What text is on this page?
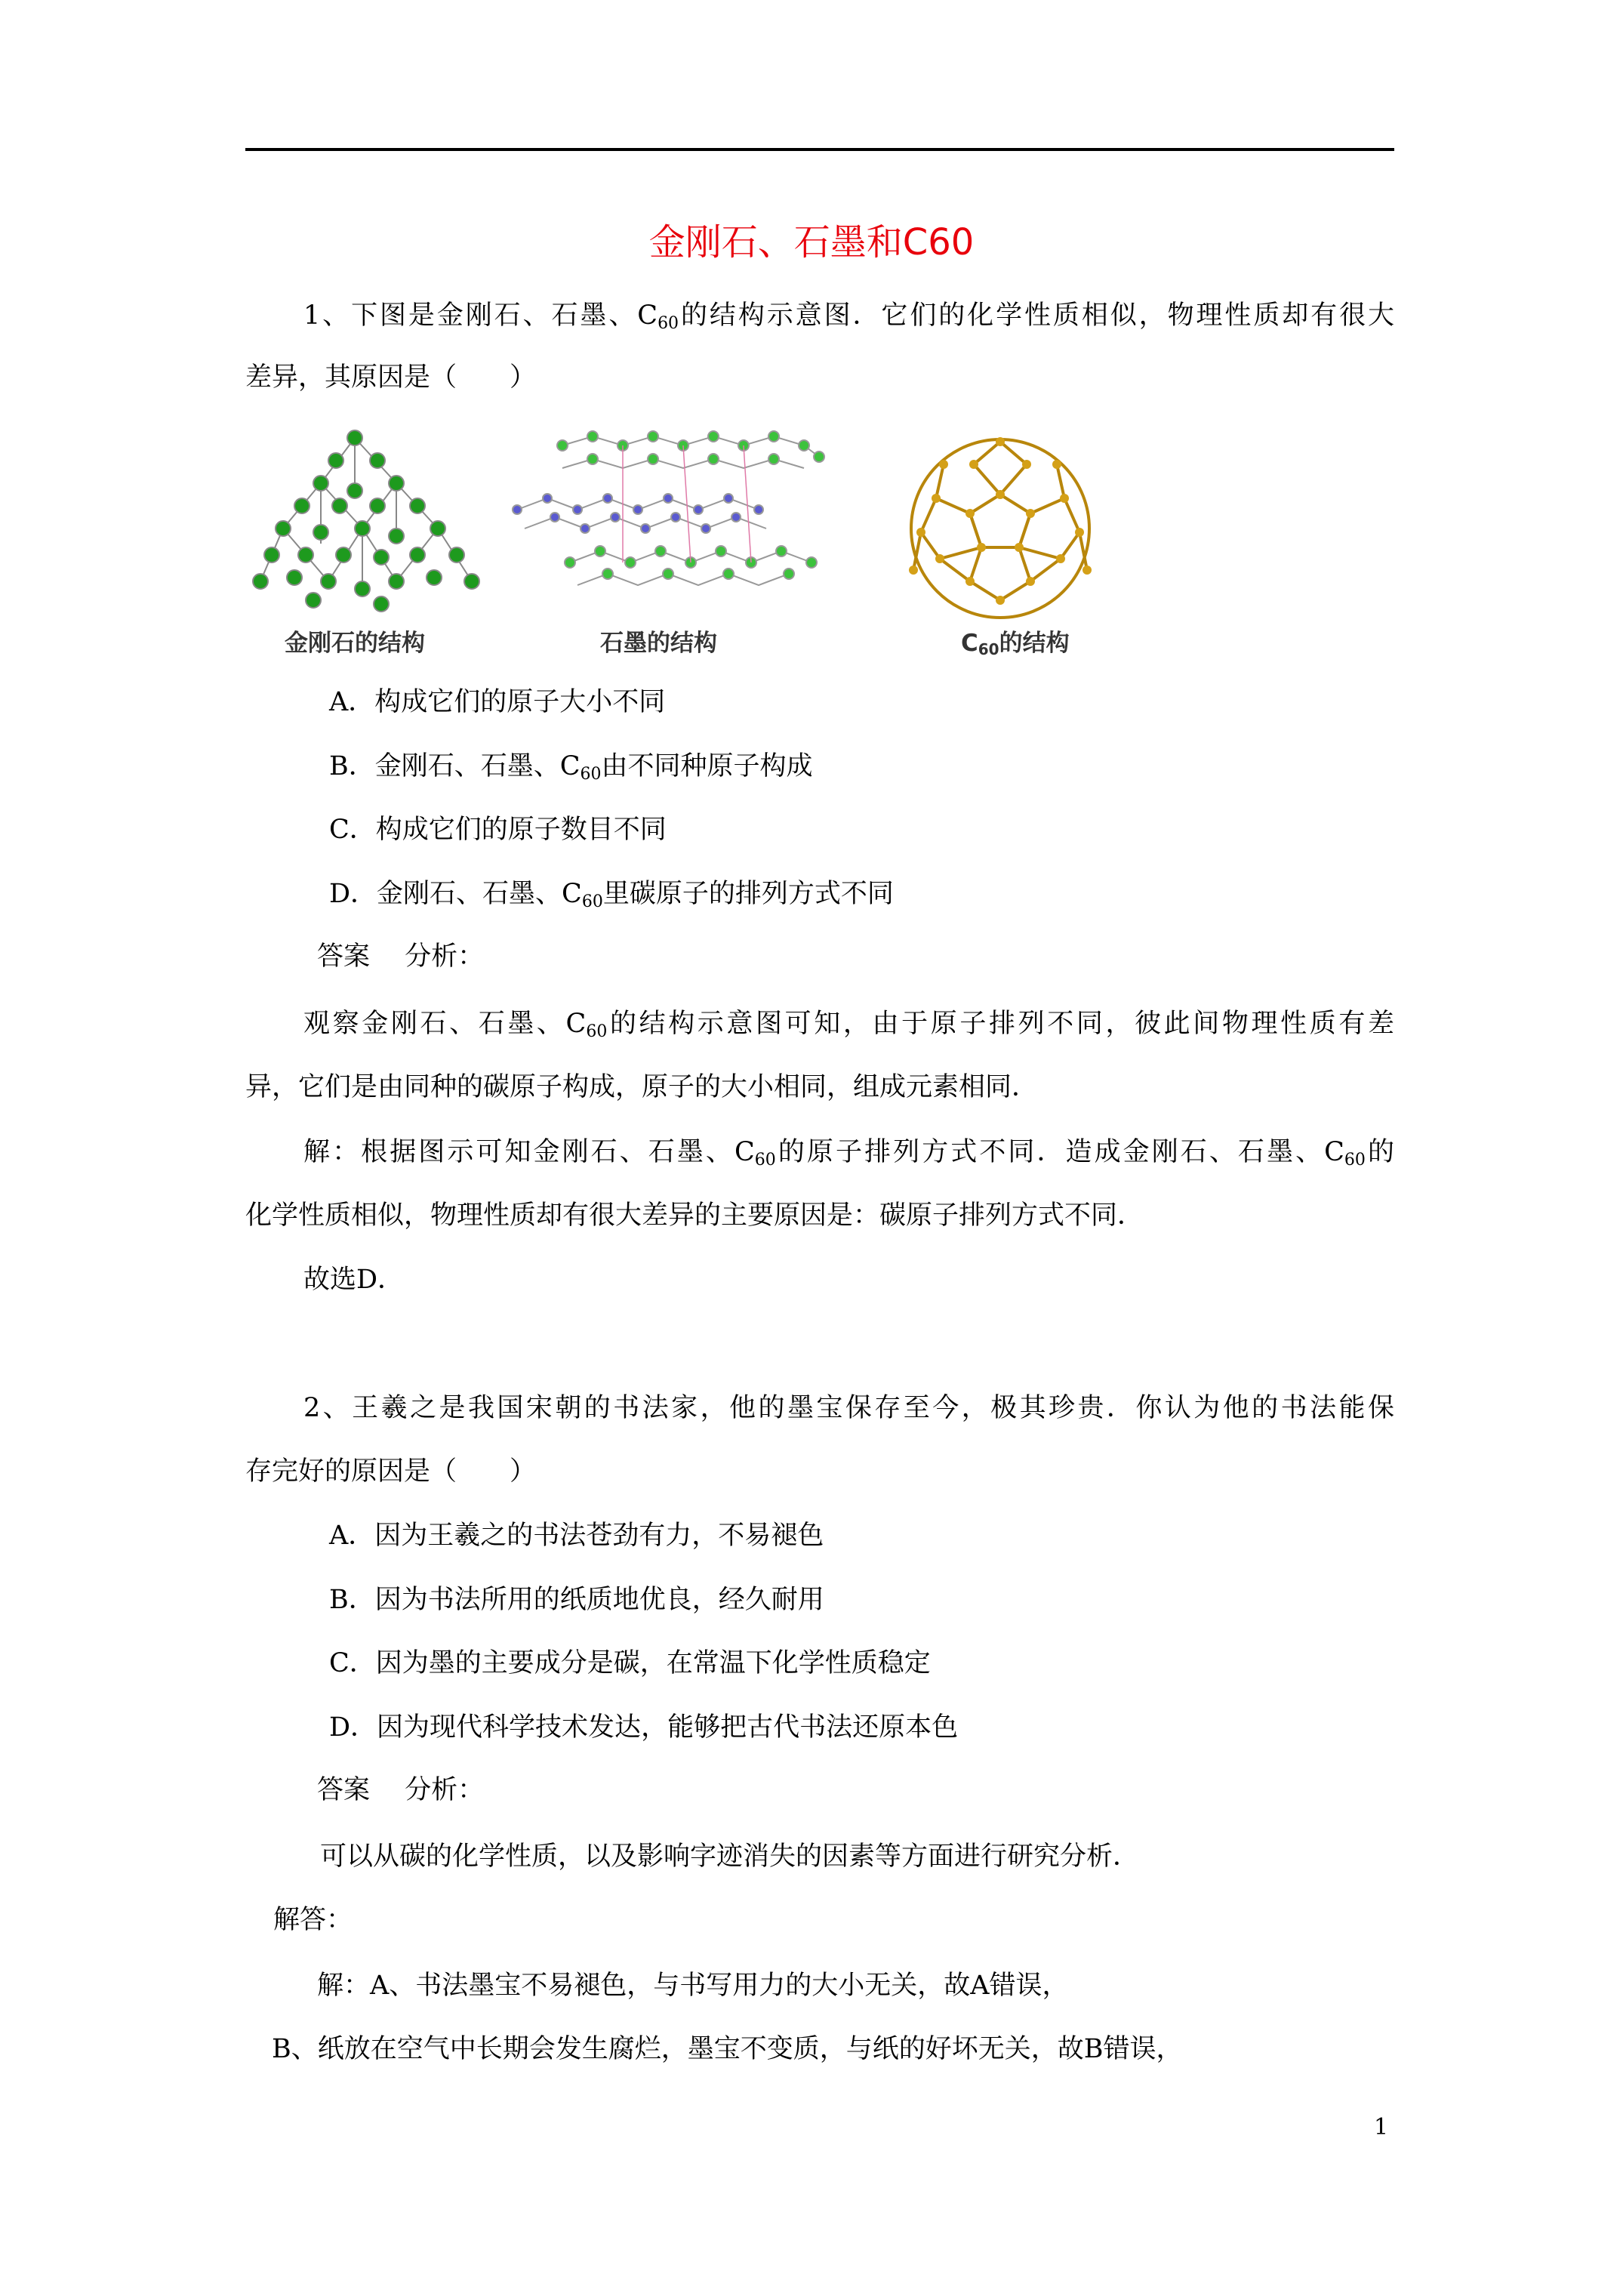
金刚石、石墨和C60
1、下图是金刚石、石墨、$C_{60}$的结构示意图．它们的化学性质相似，物理性质却有很大
差异，其原因是（　　）
金刚石的结构	石墨的结构	$C_{60}$的结构
A．构成它们的原子大小不同
B．金刚石、石墨、$C_{60}$由不同种原子构成
C．构成它们的原子数目不同
D．金刚石、石墨、$C_{60}$里碳原子的排列方式不同
答案　 分析：
观察金刚石、石墨、$C_{60}$的结构示意图可知，由于原子排列不同，彼此间物理性质有差
异，它们是由同种的碳原子构成，原子的大小相同，组成元素相同．
解：根据图示可知金刚石、石墨、$C_{60}$的原子排列方式不同．造成金刚石、石墨、$C_{60}$的
化学性质相似，物理性质却有很大差异的主要原因是：碳原子排列方式不同．
故选D．
2、王羲之是我国宋朝的书法家，他的墨宝保存至今，极其珍贵．你认为他的书法能保
存完好的原因是（　　）
A．因为王羲之的书法苍劲有力，不易褪色
B．因为书法所用的纸质地优良，经久耐用
C．因为墨的主要成分是碳，在常温下化学性质稳定
D．因为现代科学技术发达，能够把古代书法还原本色
答案　 分析：
可以从碳的化学性质，以及影响字迹消失的因素等方面进行研究分析．
解答：
解：A、书法墨宝不易褪色，与书写用力的大小无关，故A错误，
B、纸放在空气中长期会发生腐烂，墨宝不变质，与纸的好坏无关，故B错误，
1
